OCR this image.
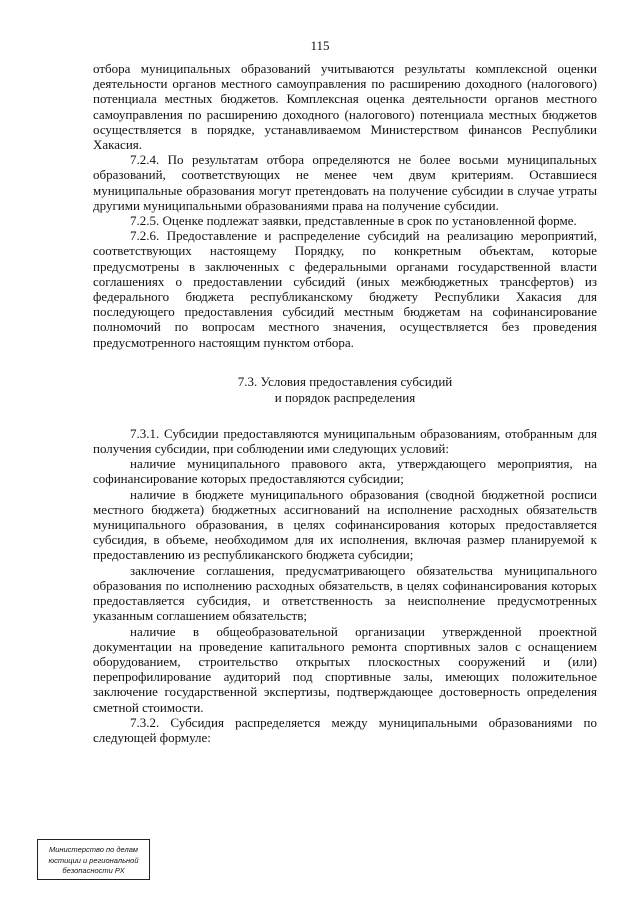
115

отбора муниципальных образований учитываются результаты комплексной оценки деятельности органов местного самоуправления по расширению доходного (налогового) потенциала местных бюджетов. Комплексная оценка деятельности органов местного самоуправления по расширению доходного (налогового) потенциала местных бюджетов осуществляется в порядке, устанавливаемом Министерством финансов Республики Хакасия.

7.2.4. По результатам отбора определяются не более восьми муниципальных образований, соответствующих не менее чем двум критериям. Оставшиеся муниципальные образования могут претендовать на получение субсидии в случае утраты другими муниципальными образованиями права на получение субсидии.

7.2.5. Оценке подлежат заявки, представленные в срок по установленной форме.

7.2.6. Предоставление и распределение субсидий на реализацию мероприятий, соответствующих настоящему Порядку, по конкретным объектам, которые предусмотрены в заключенных с федеральными органами государственной власти соглашениях о предоставлении субсидий (иных межбюджетных трансфертов) из федерального бюджета республиканскому бюджету Республики Хакасия для последующего предоставления субсидий местным бюджетам на софинансирование полномочий по вопросам местного значения, осуществляется без проведения предусмотренного настоящим пунктом отбора.

7.3. Условия предоставления субсидий
и порядок распределения

7.3.1. Субсидии предоставляются муниципальным образованиям, отобранным для получения субсидии, при соблюдении ими следующих условий:

наличие муниципального правового акта, утверждающего мероприятия, на софинансирование которых предоставляются субсидии;

наличие в бюджете муниципального образования (сводной бюджетной росписи местного бюджета) бюджетных ассигнований на исполнение расходных обязательств муниципального образования, в целях софинансирования которых предоставляется субсидия, в объеме, необходимом для их исполнения, включая размер планируемой к предоставлению из республиканского бюджета субсидии;

заключение соглашения, предусматривающего обязательства муниципального образования по исполнению расходных обязательств, в целях софинансирования которых предоставляется субсидия, и ответственность за неисполнение предусмотренных указанным соглашением обязательств;

наличие в общеобразовательной организации утвержденной проектной документации на проведение капитального ремонта спортивных залов с оснащением оборудованием, строительство открытых плоскостных сооружений и (или) перепрофилирование аудиторий под спортивные залы, имеющих положительное заключение государственной экспертизы, подтверждающее достоверность определения сметной стоимости.

7.3.2. Субсидия распределяется между муниципальными образованиями по следующей формуле:

Министерство по делам
юстиции и региональной
безопасности РХ
